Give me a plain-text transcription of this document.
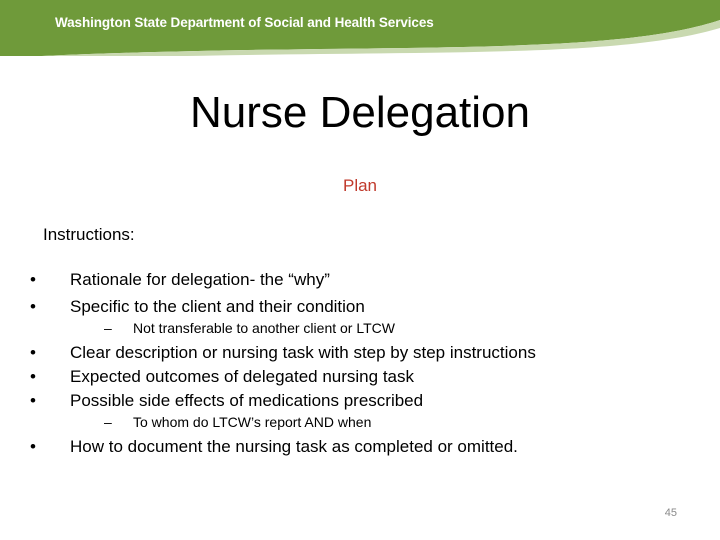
Washington State Department of Social and Health Services
Nurse Delegation
Plan
Instructions:
• Rationale for delegation- the “why”
• Specific to the client and their condition
– Not transferable to another client or LTCW
• Clear description or nursing task with step by step instructions
• Expected outcomes of delegated nursing task
• Possible side effects of medications prescribed
– To whom do LTCW’s report AND when
• How to document the nursing task as completed or omitted.
45
